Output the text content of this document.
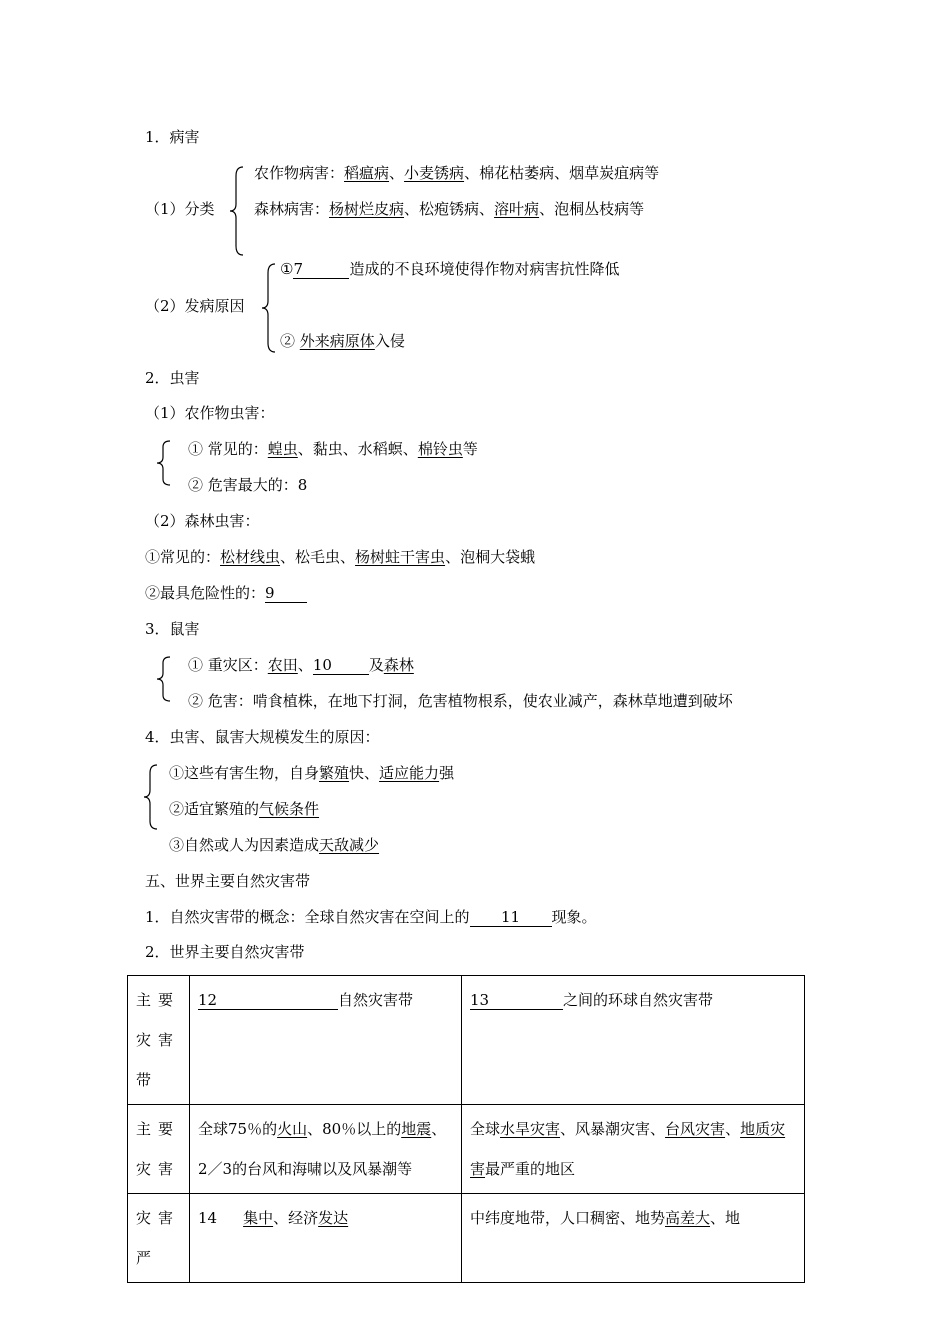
1．病害
（1）分类
农作物病害：稻瘟病、小麦锈病、棉花枯萎病、烟草炭疽病等
森林病害：杨树烂皮病、松疱锈病、溶叶病、泡桐丛枝病等
（2）发病原因
①7	造成的不良环境使得作物对病害抗性降低
② 外来病原体入侵
2．虫害
（1）农作物虫害：
① 常见的：蝗虫、黏虫、水稻螟、棉铃虫等
② 危害最大的：8
（2）森林虫害：
①常见的：松材线虫、松毛虫、杨树蛀干害虫、泡桐大袋蛾
②最具危险性的：9
3．鼠害
① 重灾区：农田、10 及森林
② 危害：啃食植株，在地下打洞，危害植物根系，使农业减产，森林草地遭到破坏
4．虫害、鼠害大规模发生的原因：
①这些有害生物，自身繁殖快、适应能力强
②适宜繁殖的气候条件
③自然或人为因素造成天敌减少
五、世界主要自然灾害带
1．自然灾害带的概念：全球自然灾害在空间上的 11 现象。
2．世界主要自然灾害带
主要灾害带	12 自然灾害带	13 之间的环球自然灾害带
主要灾害	全球75％的火山、80％以上的地震、2／3的台风和海啸以及风暴潮等	全球水旱灾害、风暴潮灾害、台风灾害、地质灾害最严重的地区
灾害严	14 集中、经济发达	中纬度地带，人口稠密、地势高差大、地
